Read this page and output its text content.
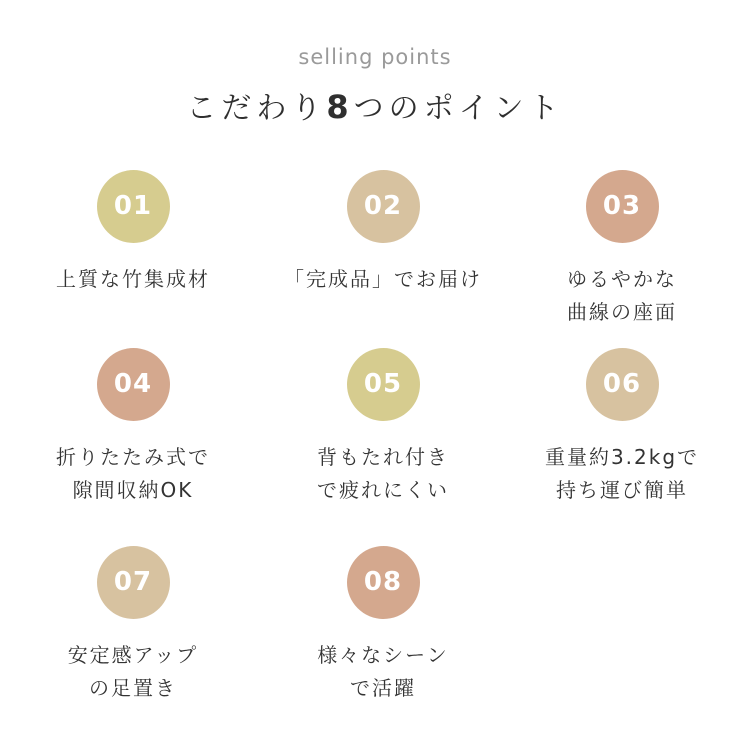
selling points
こだわり8つのポイント
01
上質な竹集成材
02
「完成品」でお届け
03
ゆるやかな
曲線の座面
04
折りたたみ式で
隙間収納OK
05
背もたれ付き
で疲れにくい
06
重量約3.2kgで
持ち運び簡単
07
安定感アップ
の足置き
08
様々なシーン
で活躍
